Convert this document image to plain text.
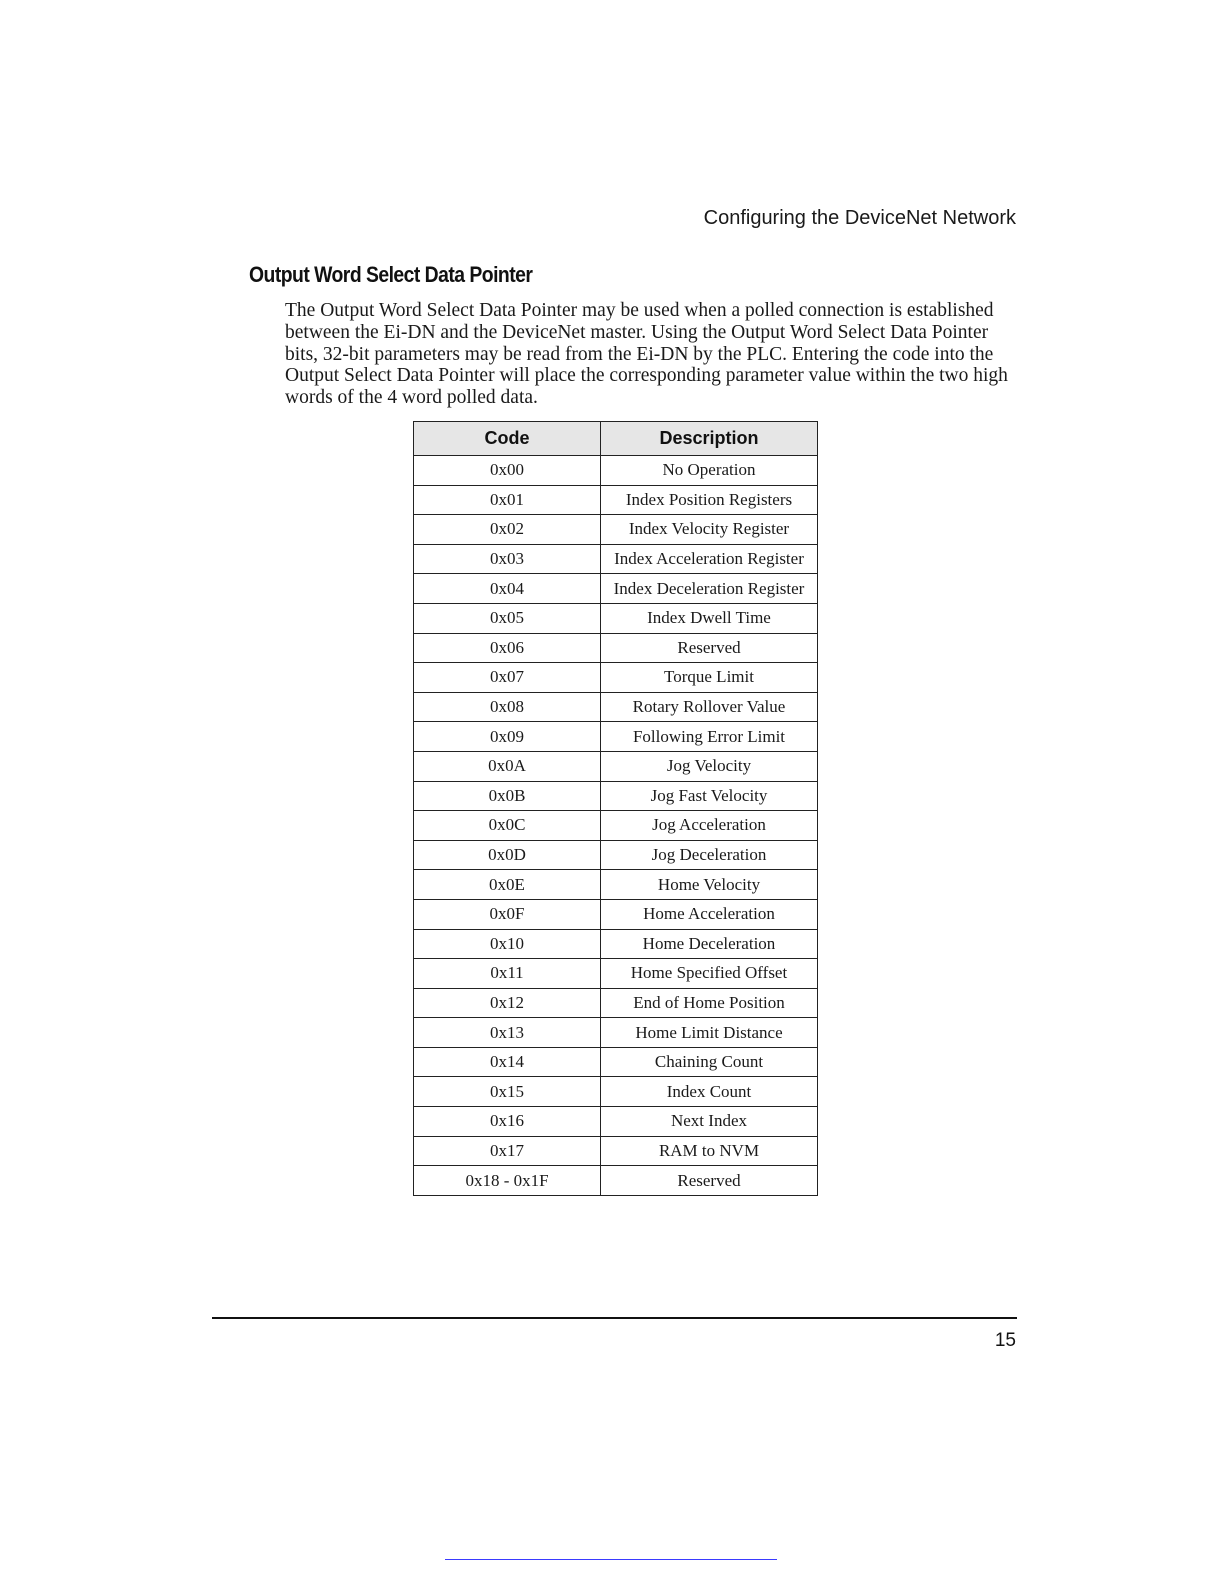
Configuring the DeviceNet Network
Output Word Select Data Pointer

The Output Word Select Data Pointer may be used when a polled connection is established between the Ei-DN and the DeviceNet master. Using the Output Word Select Data Pointer bits, 32-bit parameters may be read from the Ei-DN by the PLC. Entering the code into the Output Select Data Pointer will place the corresponding parameter value within the two high words of the 4 word polled data.

Code	Description
0x00	No Operation
0x01	Index Position Registers
0x02	Index Velocity Register
0x03	Index Acceleration Register
0x04	Index Deceleration Register
0x05	Index Dwell Time
0x06	Reserved
0x07	Torque Limit
0x08	Rotary Rollover Value
0x09	Following Error Limit
0x0A	Jog Velocity
0x0B	Jog Fast Velocity
0x0C	Jog Acceleration
0x0D	Jog Deceleration
0x0E	Home Velocity
0x0F	Home Acceleration
0x10	Home Deceleration
0x11	Home Specified Offset
0x12	End of Home Position
0x13	Home Limit Distance
0x14	Chaining Count
0x15	Index Count
0x16	Next Index
0x17	RAM to NVM
0x18 - 0x1F	Reserved
15
